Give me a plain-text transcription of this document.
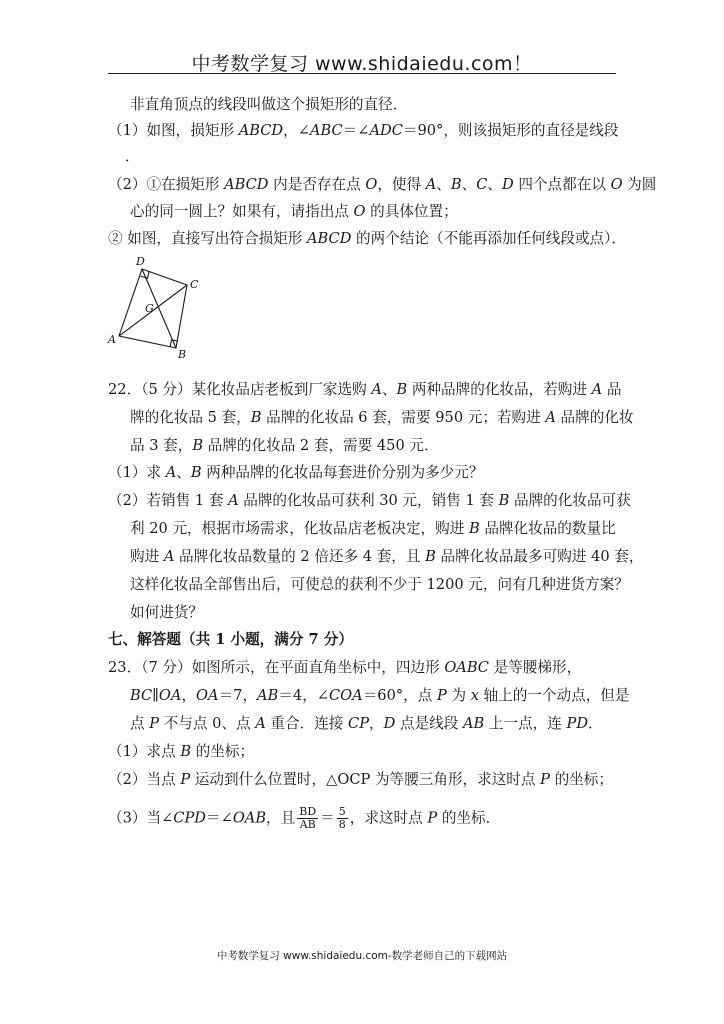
中考数学复习 www.shidaiedu.com！
非直角顶点的线段叫做这个损矩形的直径．
（1）如图，损矩形 ABCD，∠ABC＝∠ADC＝90°，则该损矩形的直径是线段
．
（2）①在损矩形 ABCD 内是否存在点 O，使得 A、B、C、D 四个点都在以 O 为圆
心的同一圆上？如果有，请指出点 O 的具体位置；
② 如图，直接写出符合损矩形 ABCD 的两个结论（不能再添加任何线段或点）．
D
C
G
A
B
22．（5 分）某化妆品店老板到厂家选购 A、B 两种品牌的化妆品，若购进 A 品
牌的化妆品 5 套，B 品牌的化妆品 6 套，需要 950 元；若购进 A 品牌的化妆
品 3 套，B 品牌的化妆品 2 套，需要 450 元．
（1）求 A、B 两种品牌的化妆品每套进价分别为多少元？
（2）若销售 1 套 A 品牌的化妆品可获利 30 元，销售 1 套 B 品牌的化妆品可获
利 20 元，根据市场需求，化妆品店老板决定，购进 B 品牌化妆品的数量比
购进 A 品牌化妆品数量的 2 倍还多 4 套，且 B 品牌化妆品最多可购进 40 套，
这样化妆品全部售出后，可使总的获利不少于 1200 元，问有几种进货方案？
如何进货？
七、解答题（共 1 小题，满分 7 分）
23．（7 分）如图所示，在平面直角坐标中，四边形 OABC 是等腰梯形，
BC∥OA，OA＝7，AB＝4，∠COA＝60°，点 P 为 x 轴上的一个动点，但是
点 P 不与点 0、点 A 重合．连接 CP，D 点是线段 AB 上一点，连 PD．
（1）求点 B 的坐标；
（2）当点 P 运动到什么位置时，△OCP 为等腰三角形，求这时点 P 的坐标；
（3）当∠CPD＝∠OAB，且 $\frac{BD}{AB} = \frac{5}{8}$ ，求这时点 P 的坐标．
中考数学复习 www.shidaiedu.com-数学老师自己的下载网站
